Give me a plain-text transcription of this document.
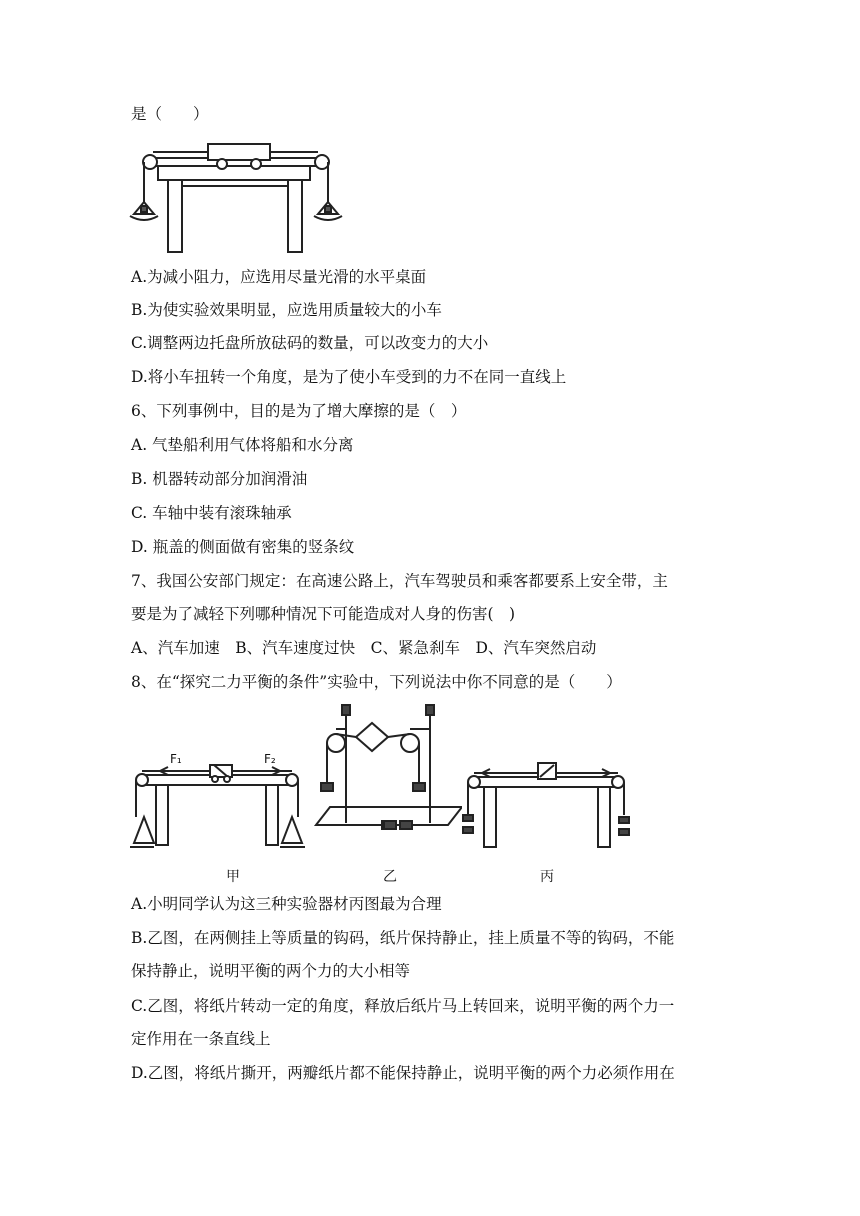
是（　　）
A.为减小阻力，应选用尽量光滑的水平桌面
B.为使实验效果明显，应选用质量较大的小车
C.调整两边托盘所放砝码的数量，可以改变力的大小
D.将小车扭转一个角度，是为了使小车受到的力不在同一直线上
6、下列事例中，目的是为了增大摩擦的是（　）
A. 气垫船利用气体将船和水分离
B. 机器转动部分加润滑油
C. 车轴中装有滚珠轴承
D. 瓶盖的侧面做有密集的竖条纹
7、我国公安部门规定：在高速公路上，汽车驾驶员和乘客都要系上安全带，主
要是为了减轻下列哪种情况下可能造成对人身的伤害(　)
A、汽车加速　B、汽车速度过快　C、紧急刹车　D、汽车突然启动
8、在“探究二力平衡的条件”实验中，下列说法中你不同意的是（　　）
F₁	F₂
甲	乙	丙
A.小明同学认为这三种实验器材丙图最为合理
B.乙图，在两侧挂上等质量的钩码，纸片保持静止，挂上质量不等的钩码，不能
保持静止，说明平衡的两个力的大小相等
C.乙图，将纸片转动一定的角度，释放后纸片马上转回来，说明平衡的两个力一
定作用在一条直线上
D.乙图，将纸片撕开，两瓣纸片都不能保持静止，说明平衡的两个力必须作用在
